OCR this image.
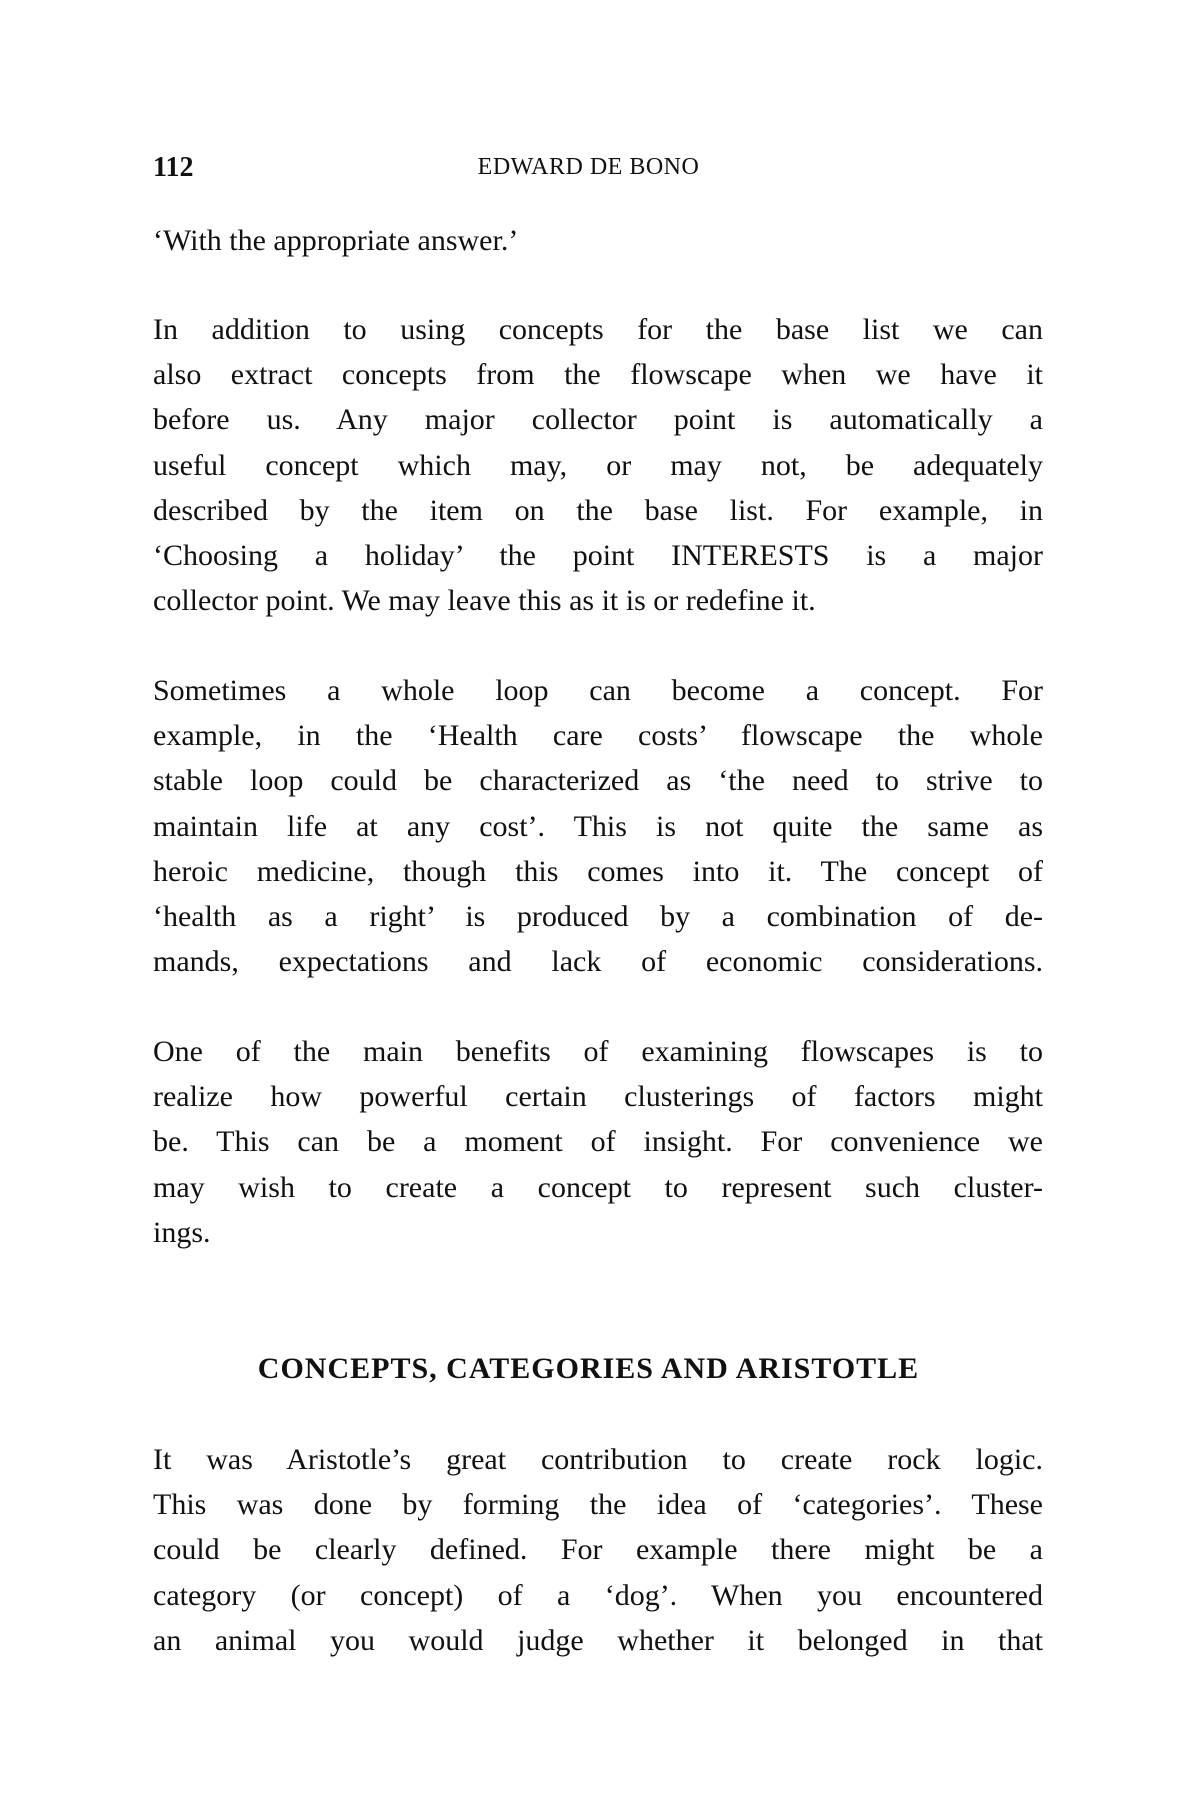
112	EDWARD DE BONO
‘With the appropriate answer.’
In addition to using concepts for the base list we can
also extract concepts from the flowscape when we have it
before us. Any major collector point is automatically a
useful concept which may, or may not, be adequately
described by the item on the base list. For example, in
‘Choosing a holiday’ the point INTERESTS is a major
collector point. We may leave this as it is or redefine it.
Sometimes a whole loop can become a concept. For
example, in the ‘Health care costs’ flowscape the whole
stable loop could be characterized as ‘the need to strive to
maintain life at any cost’. This is not quite the same as
heroic medicine, though this comes into it. The concept of
‘health as a right’ is produced by a combination of de-
mands, expectations and lack of economic considerations.
One of the main benefits of examining flowscapes is to
realize how powerful certain clusterings of factors might
be. This can be a moment of insight. For convenience we
may wish to create a concept to represent such cluster-
ings.
CONCEPTS, CATEGORIES AND ARISTOTLE
It was Aristotle’s great contribution to create rock logic.
This was done by forming the idea of ‘categories’. These
could be clearly defined. For example there might be a
category (or concept) of a ‘dog’. When you encountered
an animal you would judge whether it belonged in that
